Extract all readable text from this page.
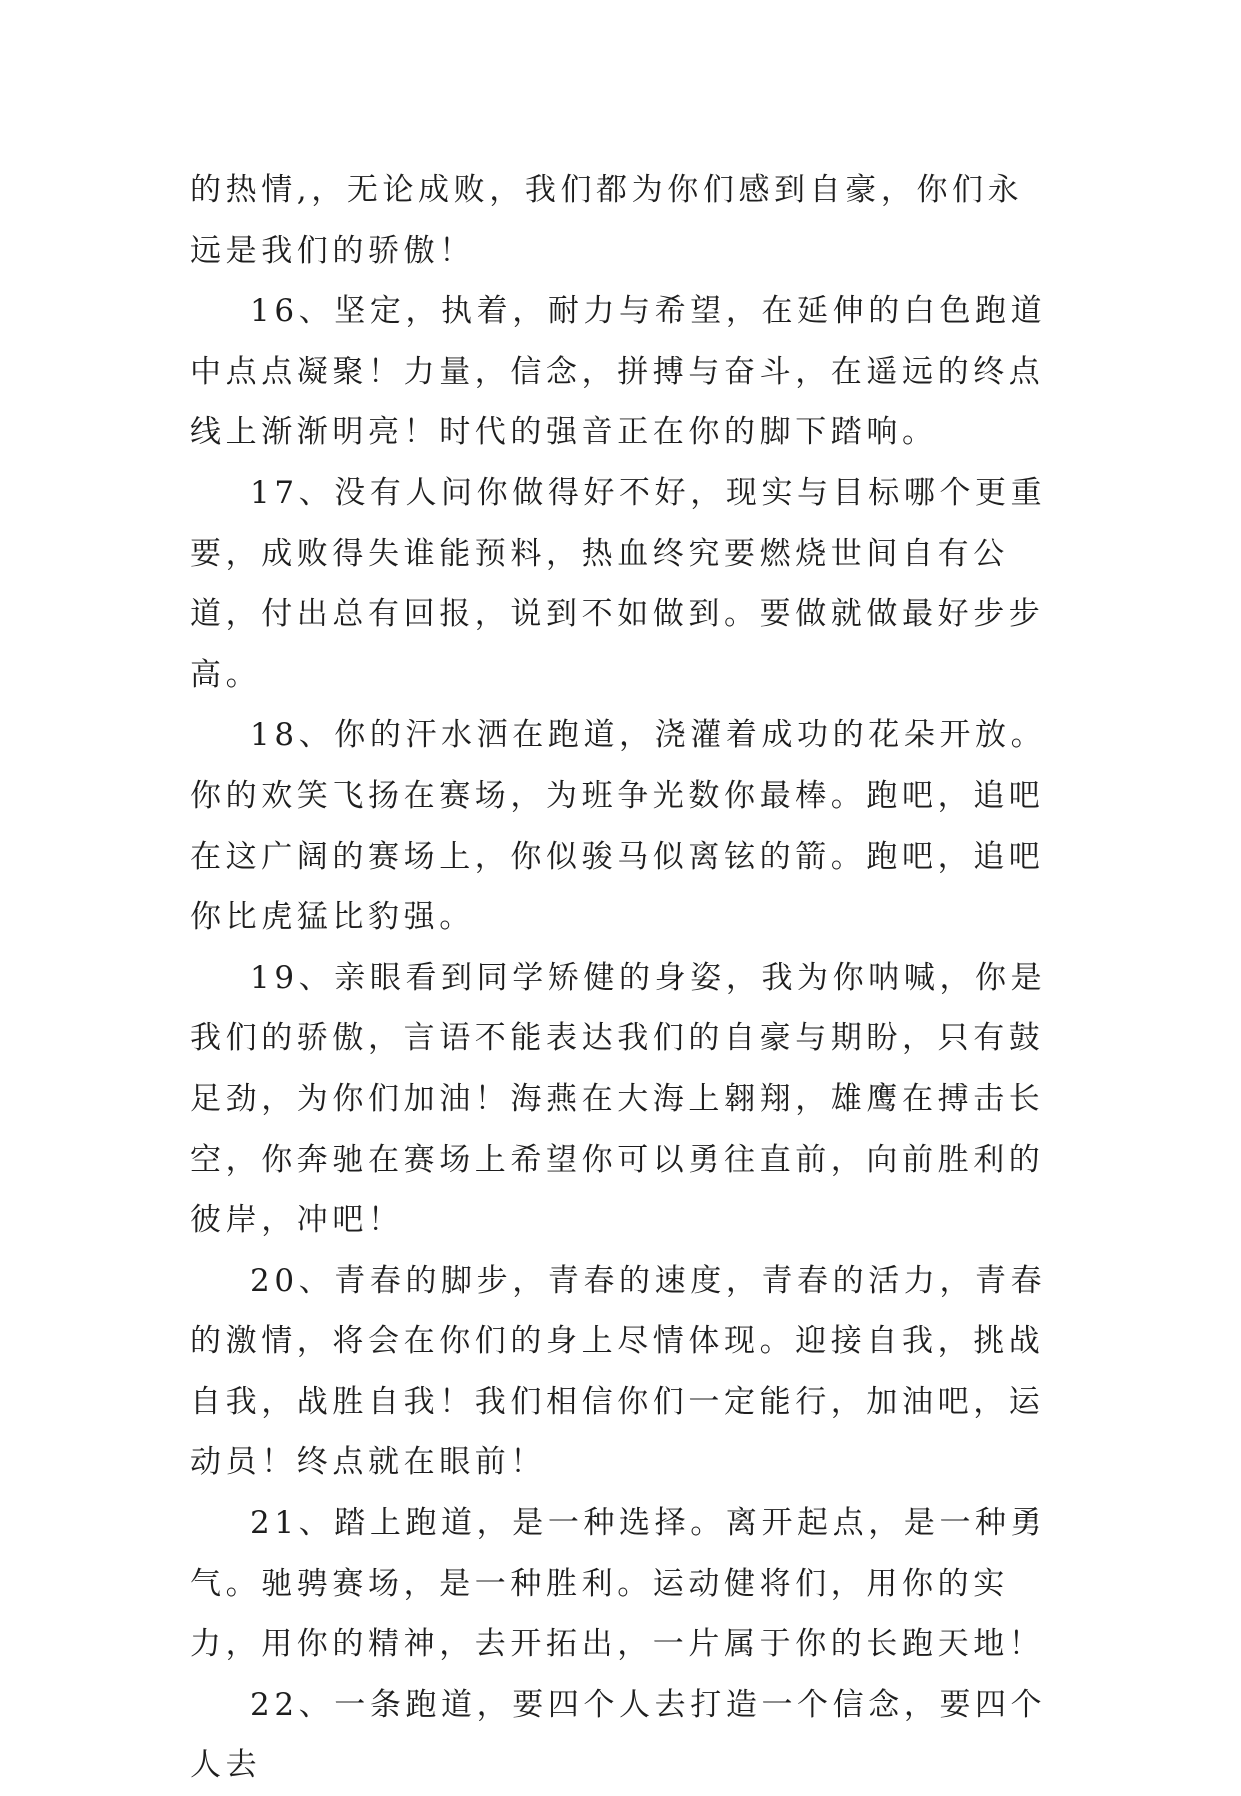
的热情,，无论成败，我们都为你们感到自豪，你们永远是我们的骄傲！

16、坚定，执着，耐力与希望，在延伸的白色跑道中点点凝聚！力量，信念，拼搏与奋斗，在遥远的终点线上渐渐明亮！时代的强音正在你的脚下踏响。

17、没有人问你做得好不好，现实与目标哪个更重要，成败得失谁能预料，热血终究要燃烧世间自有公道，付出总有回报，说到不如做到。要做就做最好步步高。

18、你的汗水洒在跑道，浇灌着成功的花朵开放。你的欢笑飞扬在赛场，为班争光数你最棒。跑吧，追吧在这广阔的赛场上，你似骏马似离铉的箭。跑吧，追吧你比虎猛比豹强。

19、亲眼看到同学矫健的身姿，我为你呐喊，你是我们的骄傲，言语不能表达我们的自豪与期盼，只有鼓足劲，为你们加油！海燕在大海上翱翔，雄鹰在搏击长空，你奔驰在赛场上希望你可以勇往直前，向前胜利的彼岸，冲吧！

20、青春的脚步，青春的速度，青春的活力，青春的激情，将会在你们的身上尽情体现。迎接自我，挑战自我，战胜自我！我们相信你们一定能行，加油吧，运动员！终点就在眼前！

21、踏上跑道，是一种选择。离开起点，是一种勇气。驰骋赛场，是一种胜利。运动健将们，用你的实力，用你的精神，去开拓出，一片属于你的长跑天地！

22、一条跑道，要四个人去打造一个信念，要四个人去
